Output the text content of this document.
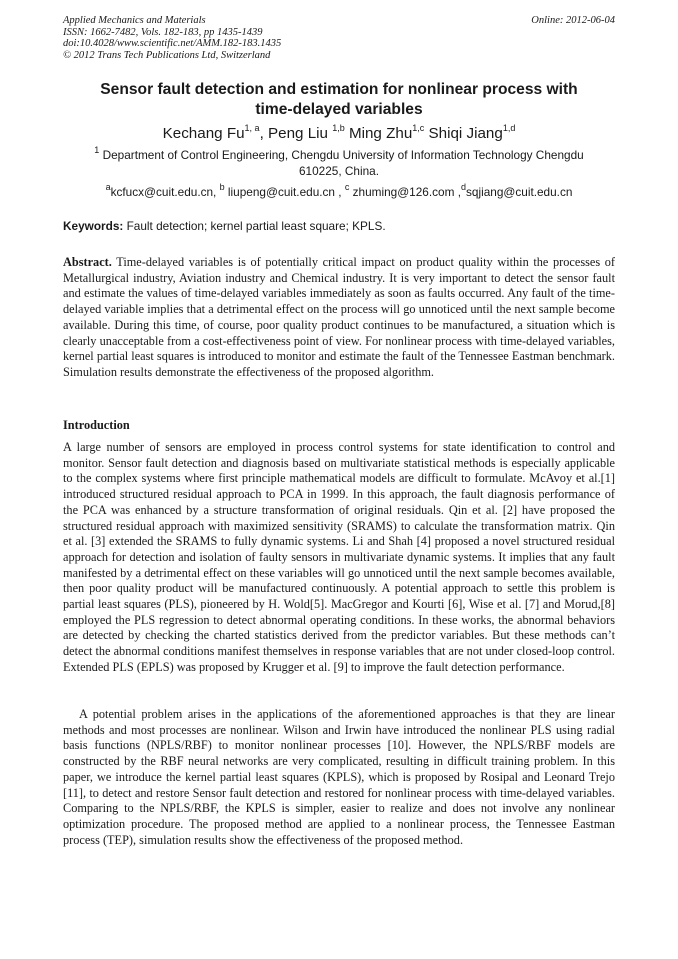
Applied Mechanics and Materials
ISSN: 1662-7482, Vols. 182-183, pp 1435-1439
doi:10.4028/www.scientific.net/AMM.182-183.1435
© 2012 Trans Tech Publications Ltd, Switzerland
Online: 2012-06-04
Sensor fault detection and estimation for nonlinear process with
time-delayed variables
Kechang Fu$^{1, a}$, Peng Liu $^{1,b}$ Ming Zhu$^{1,c}$ Shiqi Jiang$^{1,d}$
$^1$ Department of Control Engineering, Chengdu University of Information Technology Chengdu
610225, China.
$^a$kcfucx@cuit.edu.cn, $^b$ liupeng@cuit.edu.cn , $^c$ zhuming@126.com ,$^d$sqjiang@cuit.edu.cn
Keywords: Fault detection; kernel partial least square; KPLS.
Abstract. Time-delayed variables is of potentially critical impact on product quality within the processes of Metallurgical industry, Aviation industry and Chemical industry. It is very important to detect the sensor fault and estimate the values of time-delayed variables immediately as soon as faults occurred. Any fault of the time-delayed variable implies that a detrimental effect on the process will go unnoticed until the next sample become available. During this time, of course, poor quality product continues to be manufactured, a situation which is clearly unacceptable from a cost-effectiveness point of view. For nonlinear process with time-delayed variables, kernel partial least squares is introduced to monitor and estimate the fault of the Tennessee Eastman benchmark. Simulation results demonstrate the effectiveness of the proposed algorithm.
Introduction
A large number of sensors are employed in process control systems for state identification to control and monitor. Sensor fault detection and diagnosis based on multivariate statistical methods is especially applicable to the complex systems where first principle mathematical models are difficult to formulate. McAvoy et al.[1] introduced structured residual approach to PCA in 1999. In this approach, the fault diagnosis performance of the PCA was enhanced by a structure transformation of original residuals. Qin et al. [2] have proposed the structured residual approach with maximized sensitivity (SRAMS) to calculate the transformation matrix. Qin et al. [3] extended the SRAMS to fully dynamic systems. Li and Shah [4] proposed a novel structured residual approach for detection and isolation of faulty sensors in multivariate dynamic systems. It implies that any fault manifested by a detrimental effect on these variables will go unnoticed until the next sample becomes available, then poor quality product will be manufactured continuously. A potential approach to settle this problem is partial least squares (PLS), pioneered by H. Wold[5]. MacGregor and Kourti [6], Wise et al. [7] and Morud,[8] employed the PLS regression to detect abnormal operating conditions. In these works, the abnormal behaviors are detected by checking the charted statistics derived from the predictor variables. But these methods can’t detect the abnormal conditions manifest themselves in response variables that are not under closed-loop control. Extended PLS (EPLS) was proposed by Krugger et al. [9] to improve the fault detection performance.
A potential problem arises in the applications of the aforementioned approaches is that they are linear methods and most processes are nonlinear. Wilson and Irwin have introduced the nonlinear PLS using radial basis functions (NPLS/RBF) to monitor nonlinear processes [10]. However, the NPLS/RBF models are constructed by the RBF neural networks are very complicated, resulting in difficult training problem. In this paper, we introduce the kernel partial least squares (KPLS), which is proposed by Rosipal and Leonard Trejo [11], to detect and restore Sensor fault detection and restored for nonlinear process with time-delayed variables. Comparing to the NPLS/RBF, the KPLS is simpler, easier to realize and does not involve any nonlinear optimization procedure. The proposed method are applied to a nonlinear process, the Tennessee Eastman process (TEP), simulation results show the effectiveness of the proposed method.
